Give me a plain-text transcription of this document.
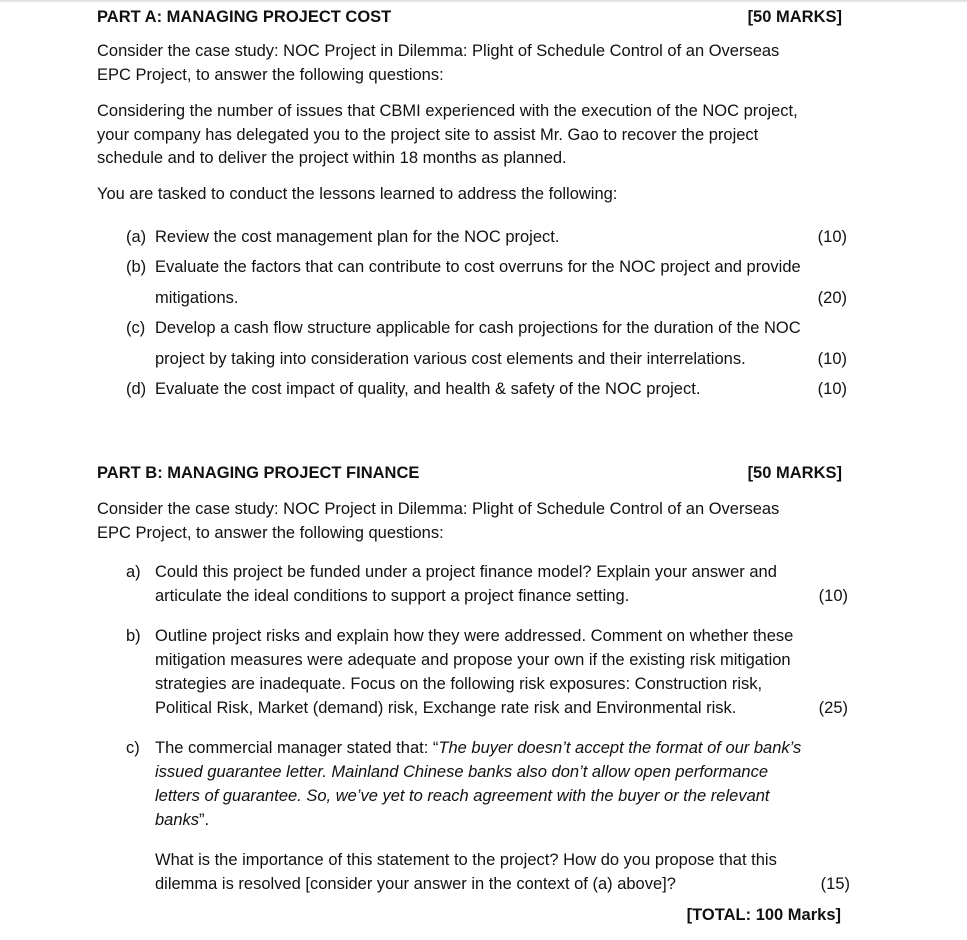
PART A: MANAGING PROJECT COST	[50 MARKS]
Consider the case study: NOC Project in Dilemma: Plight of Schedule Control of an Overseas
EPC Project, to answer the following questions:
Considering the number of issues that CBMI experienced with the execution of the NOC project,
your company has delegated you to the project site to assist Mr. Gao to recover the project
schedule and to deliver the project within 18 months as planned.
You are tasked to conduct the lessons learned to address the following:
(a) Review the cost management plan for the NOC project.	(10)
(b) Evaluate the factors that can contribute to cost overruns for the NOC project and provide
mitigations.	(20)
(c) Develop a cash flow structure applicable for cash projections for the duration of the NOC
project by taking into consideration various cost elements and their interrelations.	(10)
(d) Evaluate the cost impact of quality, and health & safety of the NOC project.	(10)
PART B: MANAGING PROJECT FINANCE	[50 MARKS]
Consider the case study: NOC Project in Dilemma: Plight of Schedule Control of an Overseas
EPC Project, to answer the following questions:
a) Could this project be funded under a project finance model? Explain your answer and
articulate the ideal conditions to support a project finance setting.	(10)
b) Outline project risks and explain how they were addressed. Comment on whether these
mitigation measures were adequate and propose your own if the existing risk mitigation
strategies are inadequate. Focus on the following risk exposures: Construction risk,
Political Risk, Market (demand) risk, Exchange rate risk and Environmental risk.	(25)
c) The commercial manager stated that: “The buyer doesn’t accept the format of our bank’s
issued guarantee letter. Mainland Chinese banks also don’t allow open performance
letters of guarantee. So, we’ve yet to reach agreement with the buyer or the relevant
banks”.
What is the importance of this statement to the project? How do you propose that this
dilemma is resolved [consider your answer in the context of (a) above]?	(15)
[TOTAL: 100 Marks]
